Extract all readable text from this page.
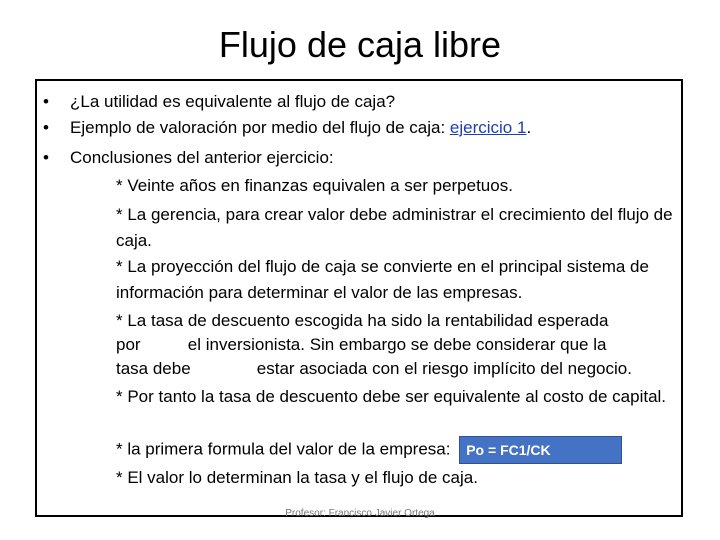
Flujo de caja libre
• ¿La utilidad es equivalente al flujo de caja?
• Ejemplo de valoración por medio del flujo de caja: ejercicio 1.
• Conclusiones del anterior ejercicio:
* Veinte años en finanzas equivalen a ser perpetuos.
* La gerencia, para crear valor debe administrar el crecimiento del flujo de caja.
* La proyección del flujo de caja se convierte en el principal sistema de información para determinar el valor de las empresas.
* La tasa de descuento escogida ha sido la rentabilidad esperada
por          el inversionista. Sin embargo se debe considerar que la
tasa debe              estar asociada con el riesgo implícito del negocio.
* Por tanto la tasa de descuento debe ser equivalente al costo de capital.
* la primera formula del valor de la empresa: Po = FC1/CK
* El valor lo determinan la tasa y el flujo de caja.
Profesor: Francisco Javier Ortega
